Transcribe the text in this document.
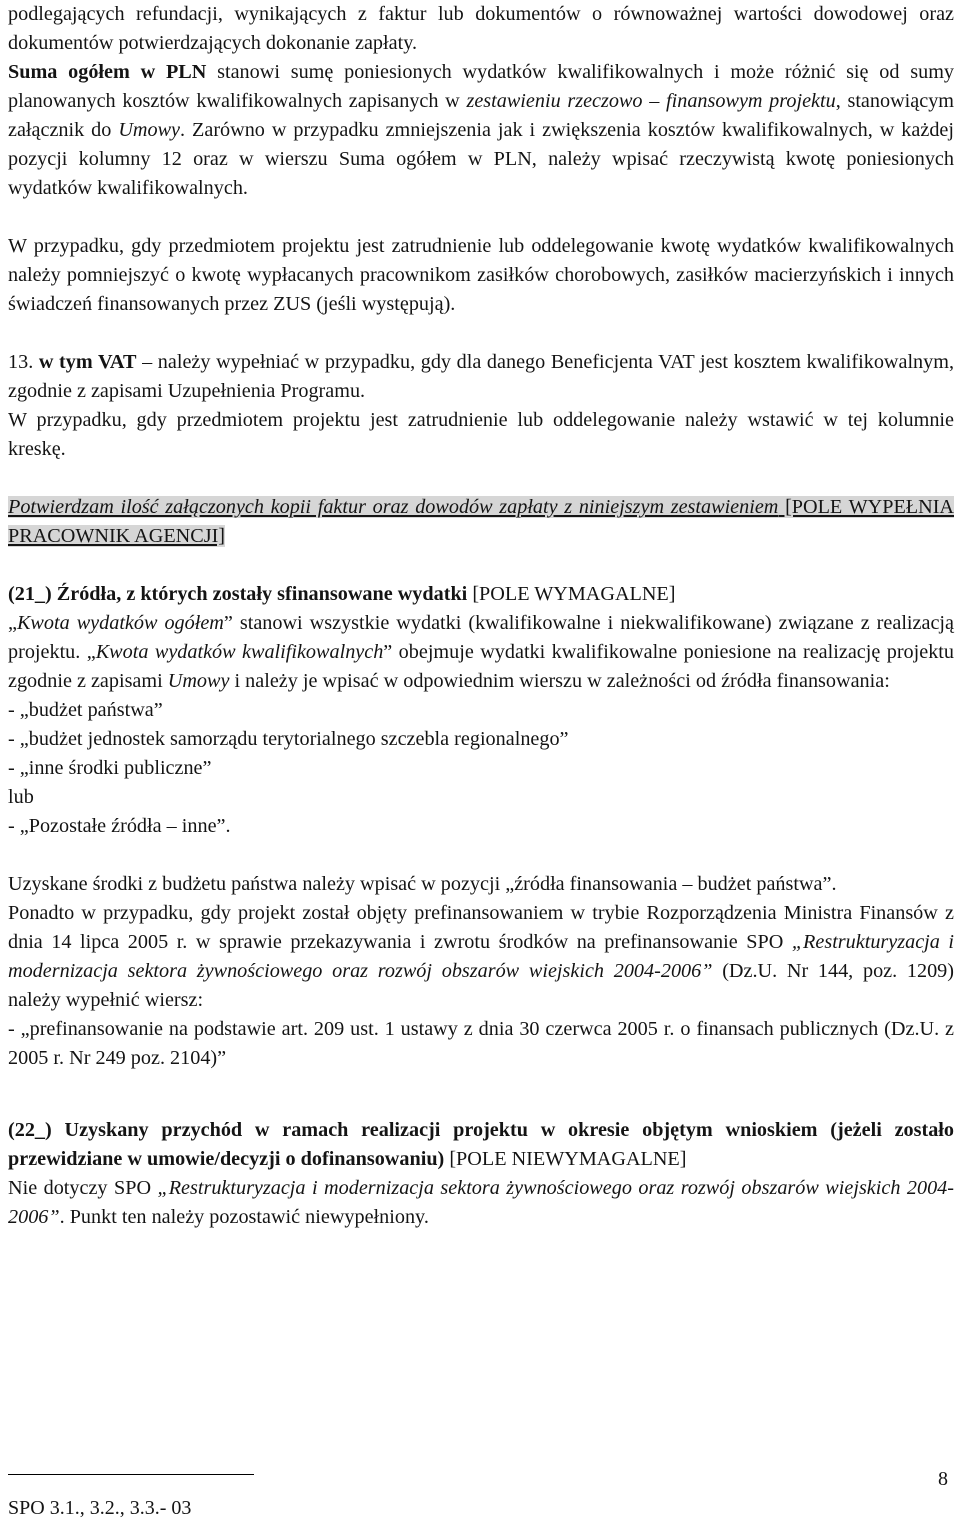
podlegających refundacji, wynikających z faktur lub dokumentów o równoważnej wartości dowodowej oraz dokumentów potwierdzających dokonanie zapłaty.

Suma ogółem w PLN stanowi sumę poniesionych wydatków kwalifikowalnych i może różnić się od sumy planowanych kosztów kwalifikowalnych zapisanych w zestawieniu rzeczowo – finansowym projektu, stanowiącym załącznik do Umowy. Zarówno w przypadku zmniejszenia jak i zwiększenia kosztów kwalifikowalnych, w każdej pozycji kolumny 12 oraz w wierszu Suma ogółem w PLN, należy wpisać rzeczywistą kwotę poniesionych wydatków kwalifikowalnych.

W przypadku, gdy przedmiotem projektu jest zatrudnienie lub oddelegowanie kwotę wydatków kwalifikowalnych należy pomniejszyć o kwotę wypłacanych pracownikom zasiłków chorobowych, zasiłków macierzyńskich i innych świadczeń finansowanych przez ZUS (jeśli występują).

13. w tym VAT – należy wypełniać w przypadku, gdy dla danego Beneficjenta VAT jest kosztem kwalifikowalnym, zgodnie z zapisami Uzupełnienia Programu.

W przypadku, gdy przedmiotem projektu jest zatrudnienie lub oddelegowanie należy wstawić w tej kolumnie kreskę.

Potwierdzam ilość załączonych kopii faktur oraz dowodów zapłaty z niniejszym zestawieniem [POLE WYPEŁNIA PRACOWNIK AGENCJI]

(21_) Źródła, z których zostały sfinansowane wydatki [POLE WYMAGALNE]

„Kwota wydatków ogółem” stanowi wszystkie wydatki (kwalifikowalne i niekwalifikowane) związane z realizacją projektu. „Kwota wydatków kwalifikowalnych” obejmuje wydatki kwalifikowalne poniesione na realizację projektu zgodnie z zapisami Umowy i należy je wpisać w odpowiednim wierszu w zależności od źródła finansowania:

- „budżet państwa”

- „budżet jednostek samorządu terytorialnego szczebla regionalnego”

- „inne środki publiczne”

lub

- „Pozostałe źródła – inne”.

Uzyskane środki z budżetu państwa należy wpisać w pozycji „źródła finansowania – budżet państwa”.

Ponadto w przypadku, gdy projekt został objęty prefinansowaniem w trybie Rozporządzenia Ministra Finansów z dnia 14 lipca 2005 r. w sprawie przekazywania i zwrotu środków na prefinansowanie SPO „Restrukturyzacja i modernizacja sektora żywnościowego oraz rozwój obszarów wiejskich 2004-2006” (Dz.U. Nr 144, poz. 1209) należy wypełnić wiersz:

- „prefinansowanie na podstawie art. 209 ust. 1 ustawy z dnia 30 czerwca 2005 r. o finansach publicznych (Dz.U. z 2005 r. Nr 249 poz. 2104)”

(22_) Uzyskany przychód w ramach realizacji projektu w okresie objętym wnioskiem (jeżeli zostało przewidziane w umowie/decyzji o dofinansowaniu) [POLE NIEWYMAGALNE]

Nie dotyczy SPO „Restrukturyzacja i modernizacja sektora żywnościowego oraz rozwój obszarów wiejskich 2004-2006”. Punkt ten należy pozostawić niewypełniony.

SPO 3.1., 3.2., 3.3.- 03
8
